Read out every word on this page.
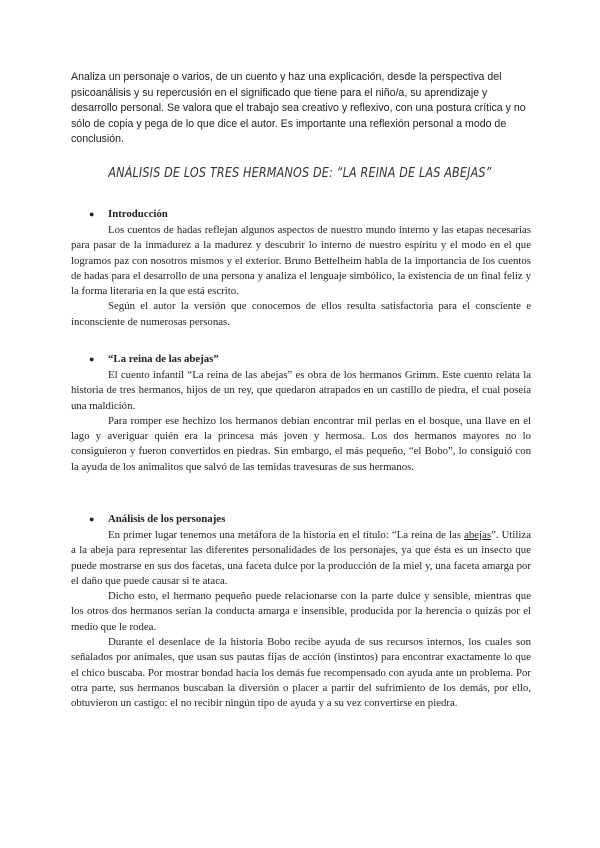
Analiza un personaje o varios, de un cuento y haz una explicación, desde la perspectiva del psicoanálisis y su repercusión en el significado que tiene para el niño/a, su aprendizaje y desarrollo personal. Se valora que el trabajo sea creativo y reflexivo, con una postura crítica y no sólo de copia y pega de lo que dice el autor. Es importante una reflexión personal a modo de conclusión.
ANÁLISIS DE LOS TRES HERMANOS DE: “LA REINA DE LAS ABEJAS”
● Introducción

Los cuentos de hadas reflejan algunos aspectos de nuestro mundo interno y las etapas necesarias para pasar de la inmadurez a la madurez y descubrir lo interno de nuestro espíritu y el modo en el que logramos paz con nosotros mismos y el exterior. Bruno Bettelheim habla de la importancia de los cuentos de hadas para el desarrollo de una persona y analiza el lenguaje simbólico, la existencia de un final feliz y la forma literaria en la que está escrito.

Según el autor la versión que conocemos de ellos resulta satisfactoria para el consciente e inconsciente de numerosas personas.

● “La reina de las abejas”

El cuento infantil “La reina de las abejas” es obra de los hermanos Grimm. Este cuento relata la historia de tres hermanos, hijos de un rey, que quedaron atrapados en un castillo de piedra, el cual poseía una maldición.

Para romper ese hechizo los hermanos debían encontrar mil perlas en el bosque, una llave en el lago y averiguar quién era la princesa más joven y hermosa. Los dos hermanos mayores no lo consiguieron y fueron convertidos en piedras. Sin embargo, el más pequeño, “el Bobo”, lo consiguió con la ayuda de los animalitos que salvó de las temidas travesuras de sus hermanos.

● Análisis de los personajes

En primer lugar tenemos una metáfora de la historia en el título: “La reina de las abejas”. Utiliza a la abeja para representar las diferentes personalidades de los personajes, ya que ésta es un insecto que puede mostrarse en sus dos facetas, una faceta dulce por la producción de la miel y, una faceta amarga por el daño que puede causar si te ataca.

Dicho esto, el hermano pequeño puede relacionarse con la parte dulce y sensible, mientras que los otros dos hermanos serían la conducta amarga e insensible, producida por la herencia o quizás por el medio que le rodea.

Durante el desenlace de la historia Bobo recibe ayuda de sus recursos internos, los cuales son señalados por animales, que usan sus pautas fijas de acción (instintos) para encontrar exactamente lo que el chico buscaba. Por mostrar bondad hacia los demás fue recompensado con ayuda ante un problema. Por otra parte, sus hermanos buscaban la diversión o placer a partir del sufrimiento de los demás, por ello, obtuvieron un castigo: el no recibir ningún tipo de ayuda y a su vez convertirse en piedra.
